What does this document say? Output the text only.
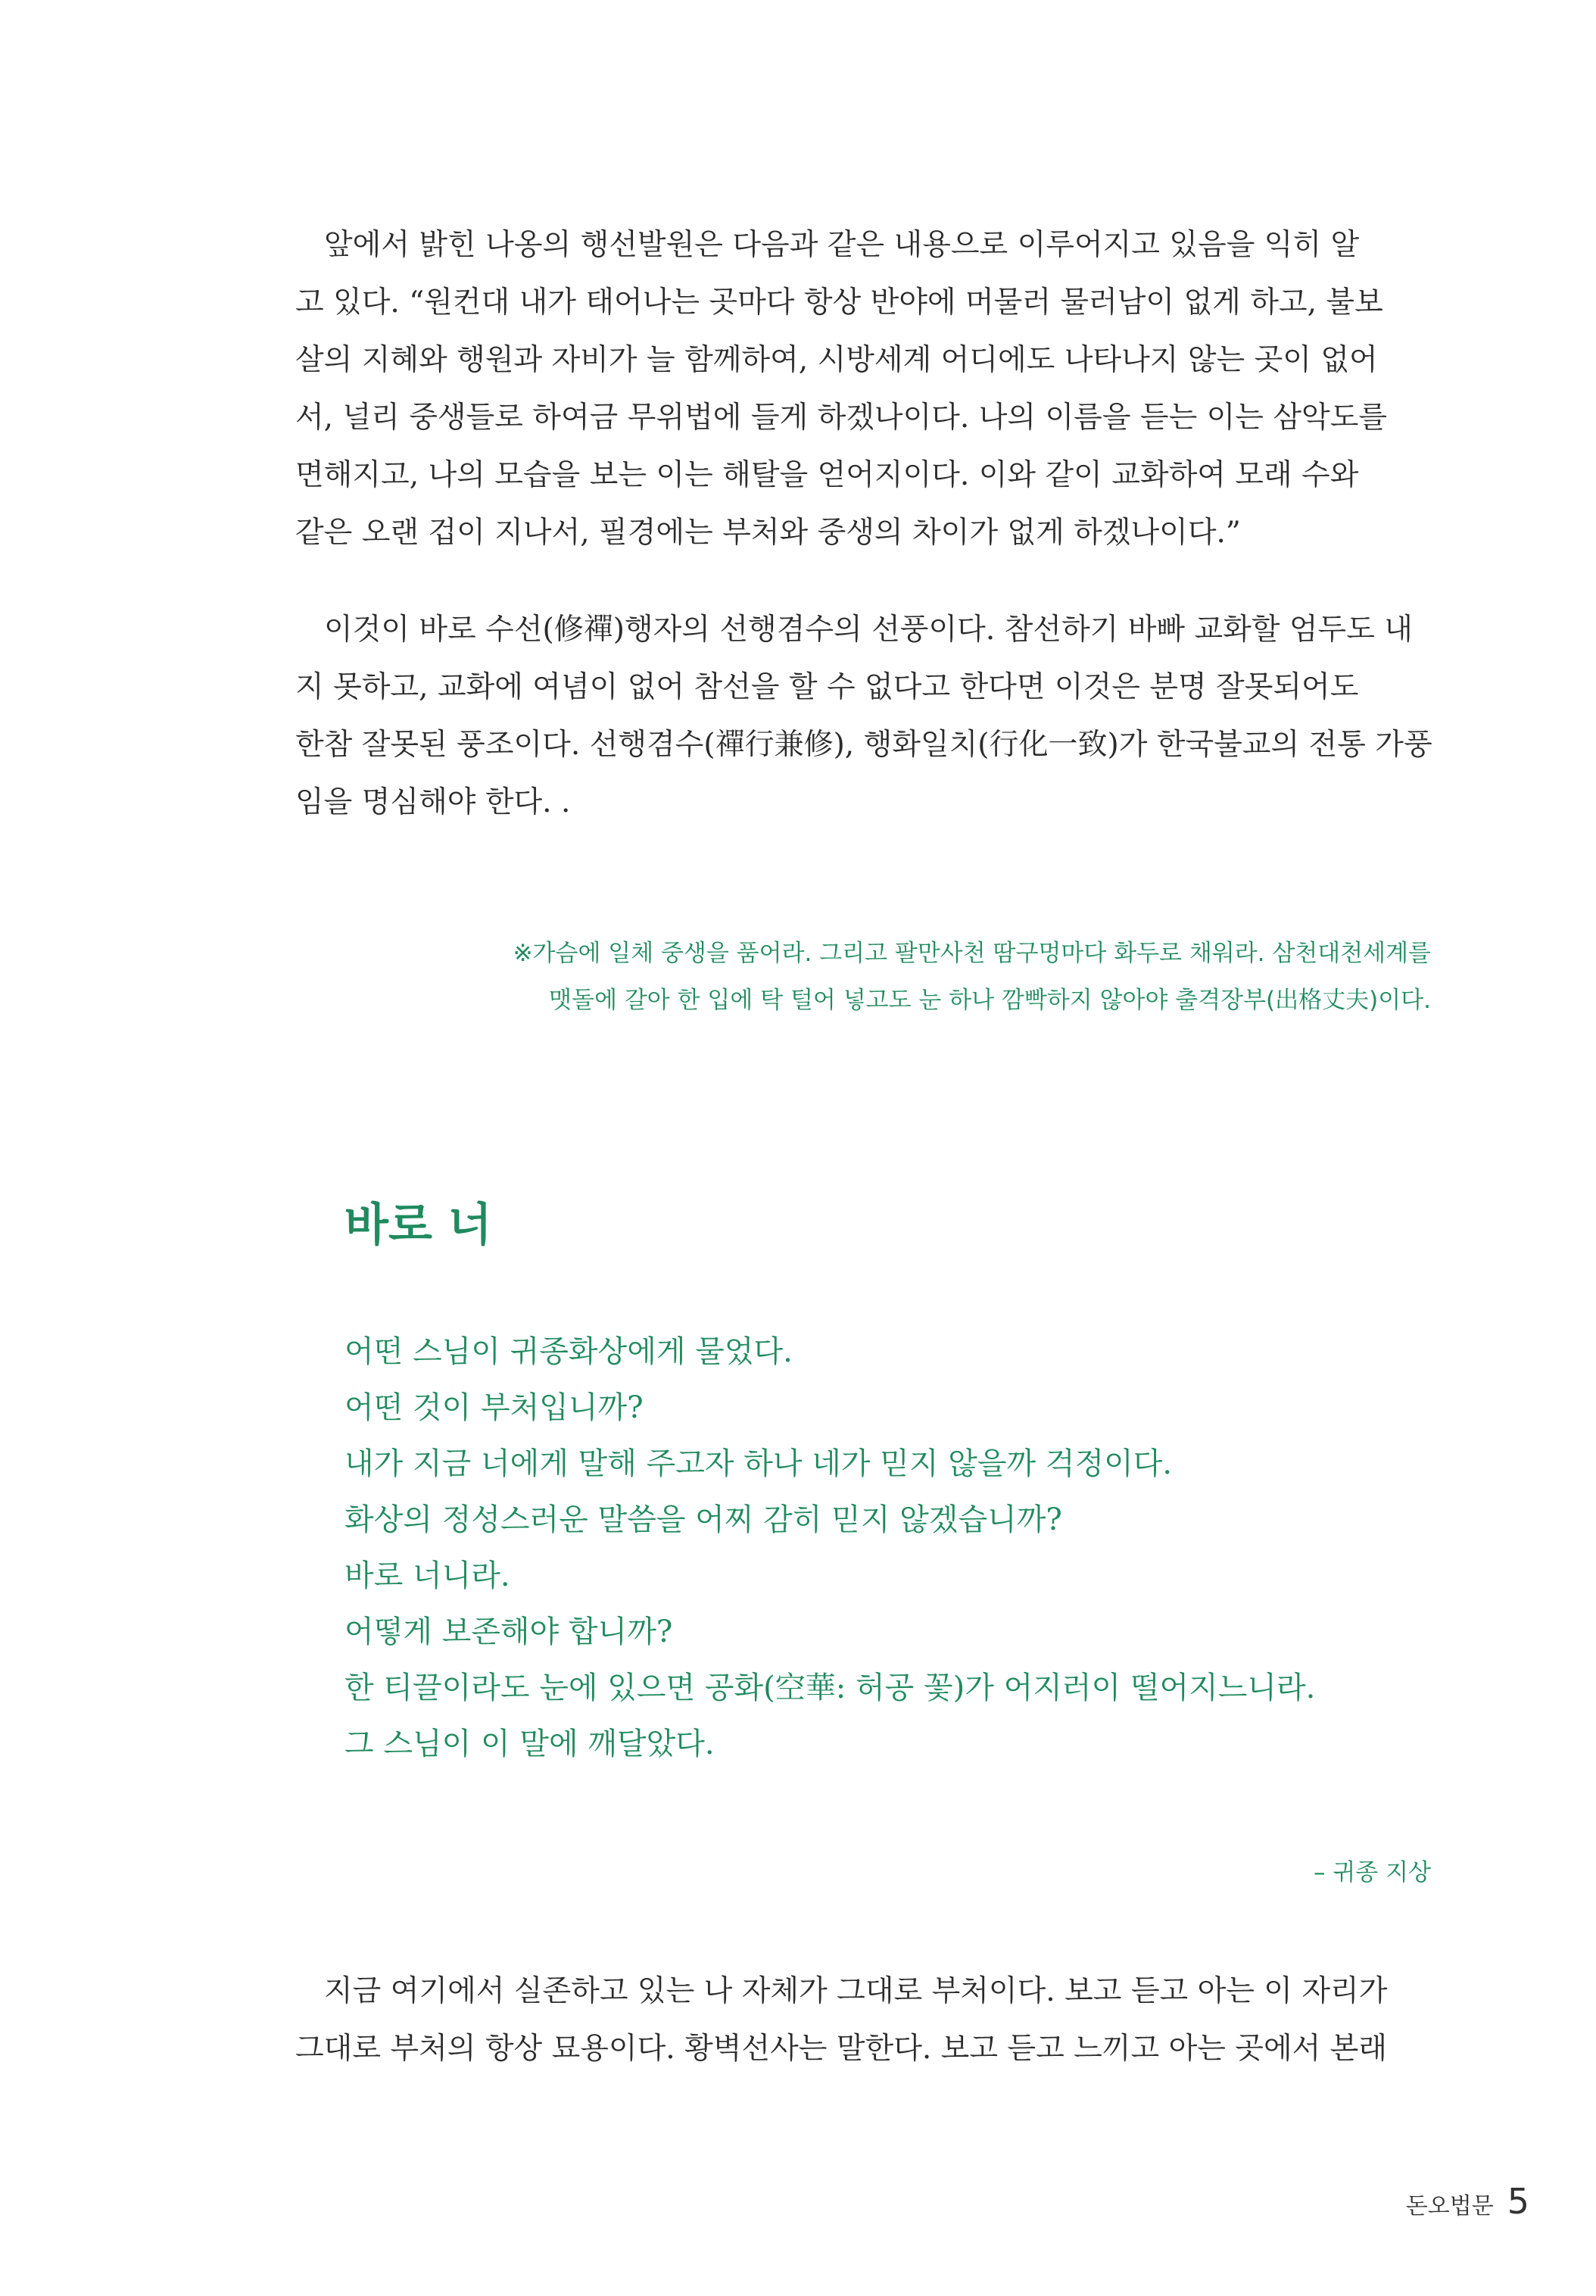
앞에서 밝힌 나옹의 행선발원은 다음과 같은 내용으로 이루어지고 있음을 익히 알
고 있다. “원컨대 내가 태어나는 곳마다 항상 반야에 머물러 물러남이 없게 하고, 불보
살의 지혜와 행원과 자비가 늘 함께하여, 시방세계 어디에도 나타나지 않는 곳이 없어
서, 널리 중생들로 하여금 무위법에 들게 하겠나이다. 나의 이름을 듣는 이는 삼악도를
면해지고, 나의 모습을 보는 이는 해탈을 얻어지이다. 이와 같이 교화하여 모래 수와
같은 오랜 겁이 지나서, 필경에는 부처와 중생의 차이가 없게 하겠나이다.”

이것이 바로 수선(修禪)행자의 선행겸수의 선풍이다. 참선하기 바빠 교화할 엄두도 내
지 못하고, 교화에 여념이 없어 참선을 할 수 없다고 한다면 이것은 분명 잘못되어도
한참 잘못된 풍조이다. 선행겸수(禪行兼修), 행화일치(行化一致)가 한국불교의 전통 가풍
임을 명심해야 한다. .

※가슴에 일체 중생을 품어라. 그리고 팔만사천 땀구멍마다 화두로 채워라. 삼천대천세계를
맷돌에 갈아 한 입에 탁 털어 넣고도 눈 하나 깜빡하지 않아야 출격장부(出格丈夫)이다.

바로 너
어떤 스님이 귀종화상에게 물었다.
어떤 것이 부처입니까?
내가 지금 너에게 말해 주고자 하나 네가 믿지 않을까 걱정이다.
화상의 정성스러운 말씀을 어찌 감히 믿지 않겠습니까?
바로 너니라.
어떻게 보존해야 합니까?
한 티끌이라도 눈에 있으면 공화(空華: 허공 꽃)가 어지러이 떨어지느니라.
그 스님이 이 말에 깨달았다.

– 귀종 지상

지금 여기에서 실존하고 있는 나 자체가 그대로 부처이다. 보고 듣고 아는 이 자리가
그대로 부처의 항상 묘용이다. 황벽선사는 말한다. 보고 듣고 느끼고 아는 곳에서 본래

돈오법문 5
